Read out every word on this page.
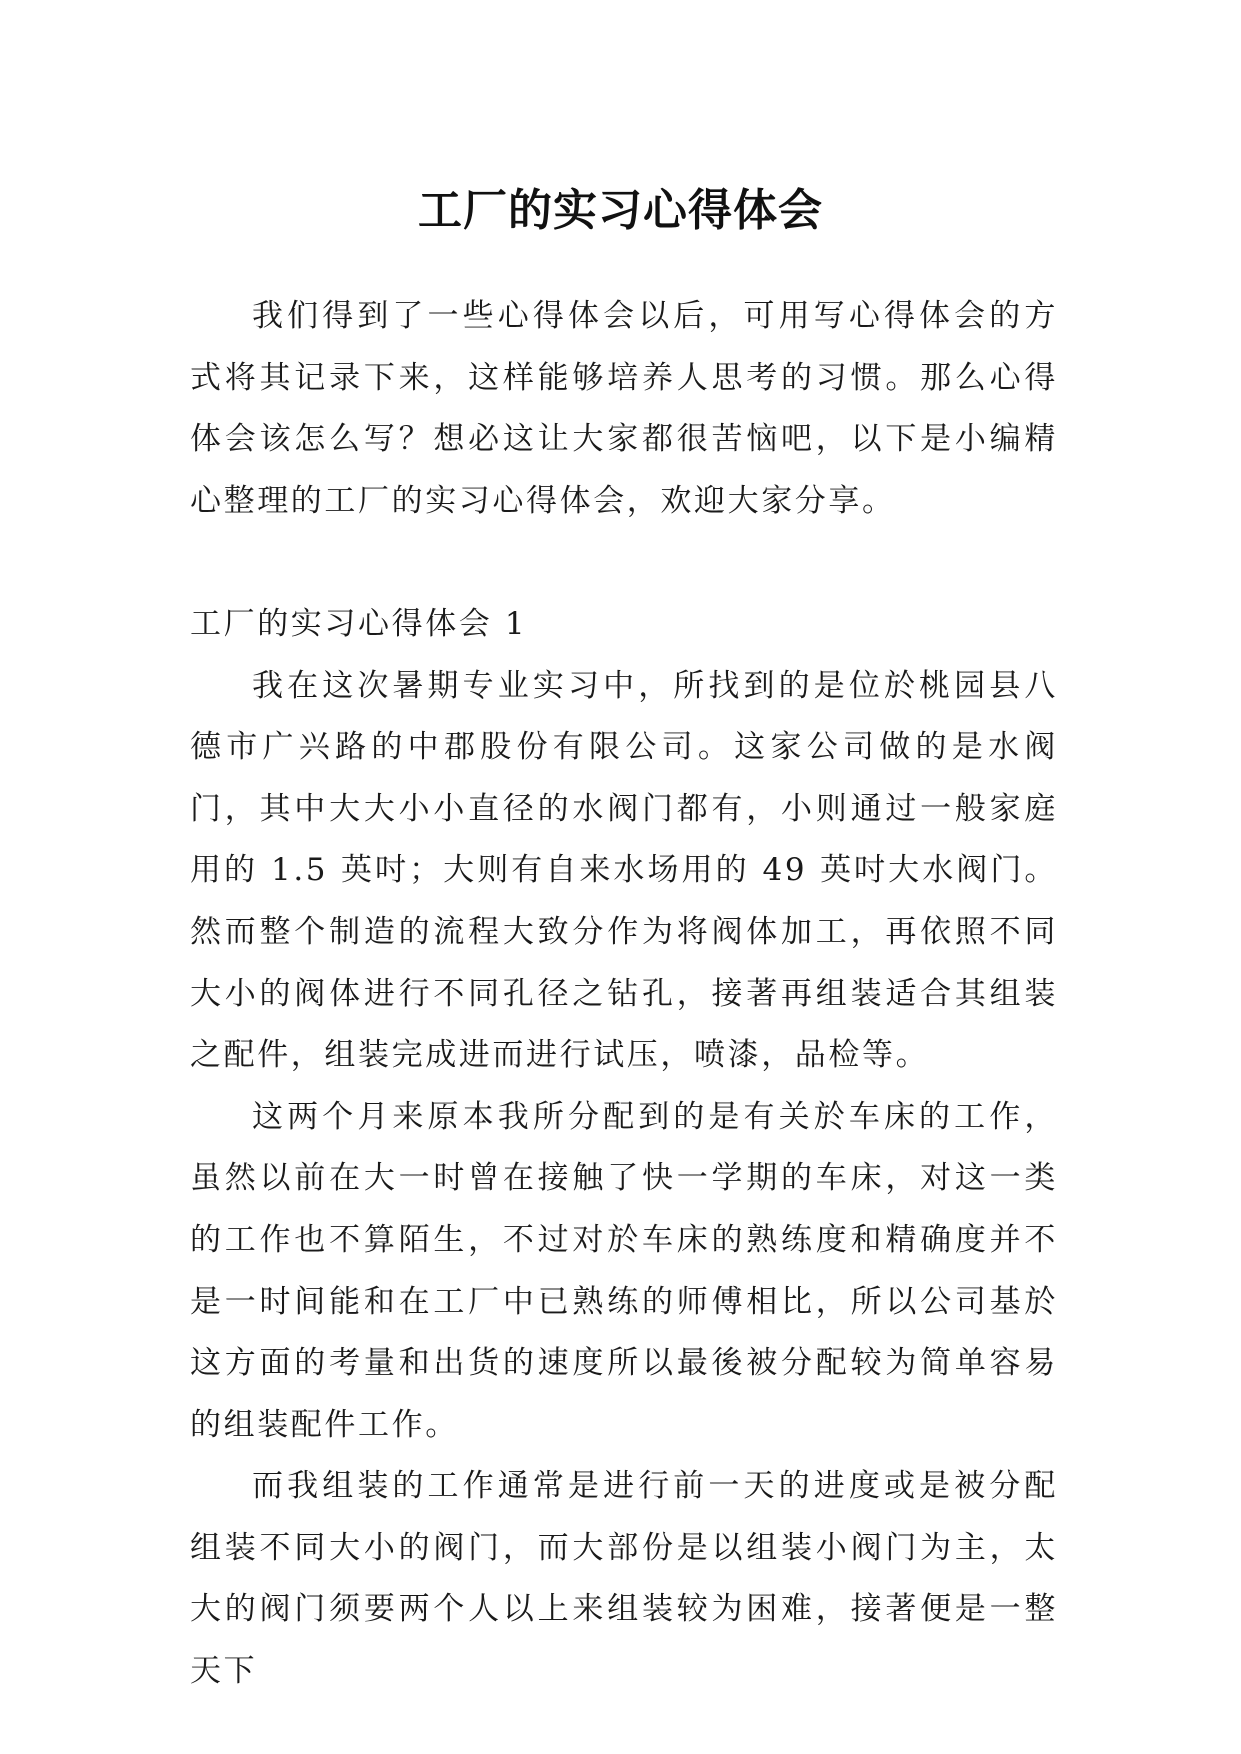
工厂的实习心得体会

我们得到了一些心得体会以后，可用写心得体会的方式将其记录下来，这样能够培养人思考的习惯。那么心得体会该怎么写？想必这让大家都很苦恼吧，以下是小编精心整理的工厂的实习心得体会，欢迎大家分享。

工厂的实习心得体会 1

我在这次暑期专业实习中，所找到的是位於桃园县八德市广兴路的中郡股份有限公司。这家公司做的是水阀门，其中大大小小直径的水阀门都有，小则通过一般家庭用的 1.5 英吋；大则有自来水场用的 49 英吋大水阀门。然而整个制造的流程大致分作为将阀体加工，再依照不同大小的阀体进行不同孔径之钻孔，接著再组装适合其组装之配件，组装完成进而进行试压，喷漆，品检等。

这两个月来原本我所分配到的是有关於车床的工作，虽然以前在大一时曾在接触了快一学期的车床，对这一类的工作也不算陌生，不过对於车床的熟练度和精确度并不是一时间能和在工厂中已熟练的师傅相比，所以公司基於这方面的考量和出货的速度所以最後被分配较为简单容易的组装配件工作。

而我组装的工作通常是进行前一天的进度或是被分配组装不同大小的阀门，而大部份是以组装小阀门为主，太大的阀门须要两个人以上来组装较为困难，接著便是一整天下
